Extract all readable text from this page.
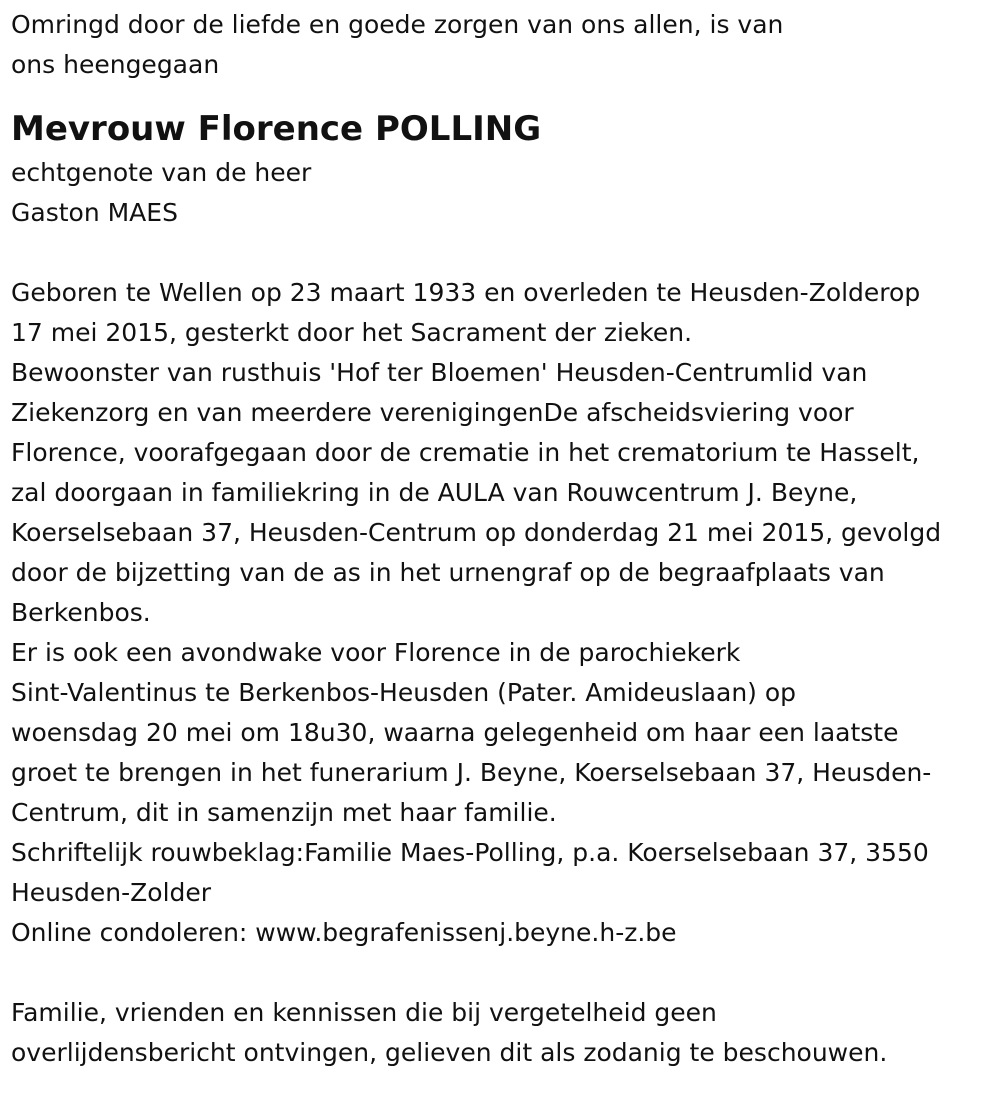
Omringd door de liefde en goede zorgen van ons allen, is van
ons heengegaan

Mevrouw Florence POLLING

echtgenote van de heer
Gaston MAES

Geboren te Wellen op 23 maart 1933 en overleden te Heusden-Zolderop
17 mei 2015, gesterkt door het Sacrament der zieken.
Bewoonster van rusthuis 'Hof ter Bloemen' Heusden-Centrumlid van
Ziekenzorg en van meerdere verenigingenDe afscheidsviering voor
Florence, voorafgegaan door de crematie in het crematorium te Hasselt,
zal doorgaan in familiekring in de AULA van Rouwcentrum J. Beyne,
Koerselsebaan 37, Heusden-Centrum op donderdag 21 mei 2015, gevolgd
door de bijzetting van de as in het urnengraf op de begraafplaats van
Berkenbos.
Er is ook een avondwake voor Florence in de parochiekerk
Sint-Valentinus te Berkenbos-Heusden (Pater. Amideuslaan) op
woensdag 20 mei om 18u30, waarna gelegenheid om haar een laatste
groet te brengen in het funerarium J. Beyne, Koerselsebaan 37, Heusden-
Centrum, dit in samenzijn met haar familie.
Schriftelijk rouwbeklag:Familie Maes-Polling, p.a. Koerselsebaan 37, 3550
Heusden-Zolder
Online condoleren: www.begrafenissenj.beyne.h-z.be
Familie, vrienden en kennissen die bij vergetelheid geen
overlijdensbericht ontvingen, gelieven dit als zodanig te beschouwen.
